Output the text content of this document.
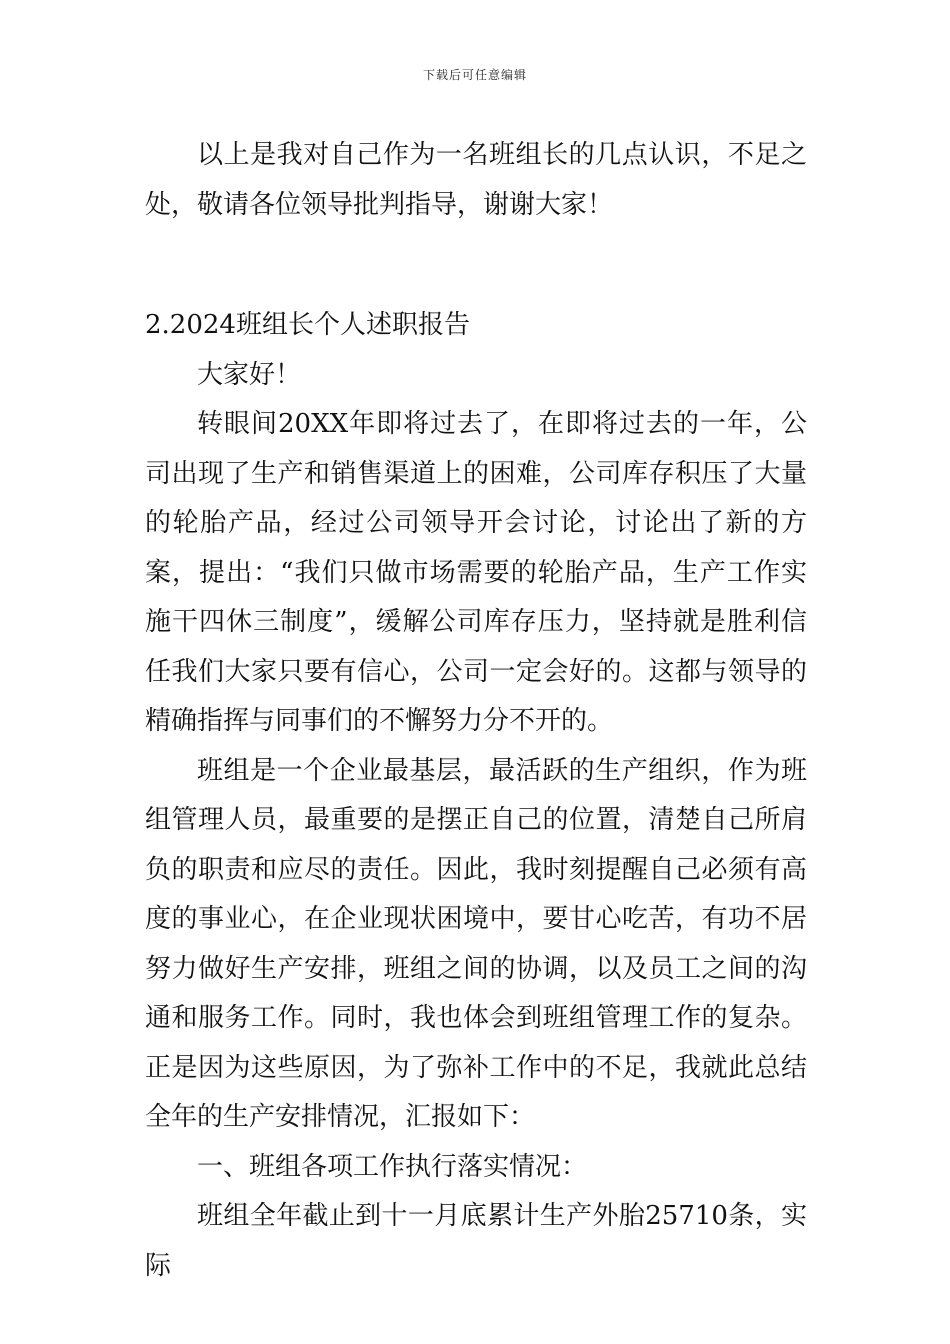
下载后可任意编辑

以上是我对自己作为一名班组长的几点认识，不足之处，敬请各位领导批判指导，谢谢大家！

2.2024班组长个人述职报告

大家好！

转眼间20XX年即将过去了，在即将过去的一年，公司出现了生产和销售渠道上的困难，公司库存积压了大量的轮胎产品，经过公司领导开会讨论，讨论出了新的方案，提出：“我们只做市场需要的轮胎产品，生产工作实施干四休三制度”，缓解公司库存压力，坚持就是胜利信任我们大家只要有信心，公司一定会好的。这都与领导的精确指挥与同事们的不懈努力分不开的。

班组是一个企业最基层，最活跃的生产组织，作为班组管理人员，最重要的是摆正自己的位置，清楚自己所肩负的职责和应尽的责任。因此，我时刻提醒自己必须有高度的事业心，在企业现状困境中，要甘心吃苦，有功不居努力做好生产安排，班组之间的协调，以及员工之间的沟通和服务工作。同时，我也体会到班组管理工作的复杂。正是因为这些原因，为了弥补工作中的不足，我就此总结全年的生产安排情况，汇报如下：

一、班组各项工作执行落实情况：

班组全年截止到十一月底累计生产外胎25710条，实际
